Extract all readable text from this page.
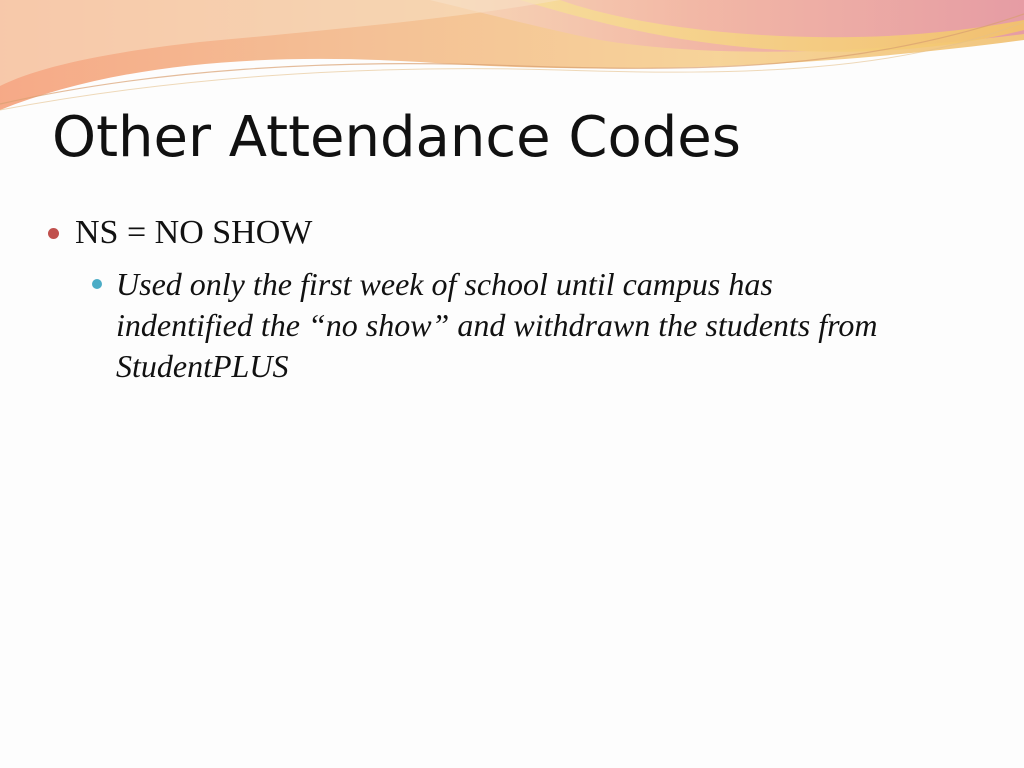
Other Attendance Codes
NS = NO SHOW
Used only the first week of school until campus has
indentified the “no show” and withdrawn the students from
StudentPLUS
